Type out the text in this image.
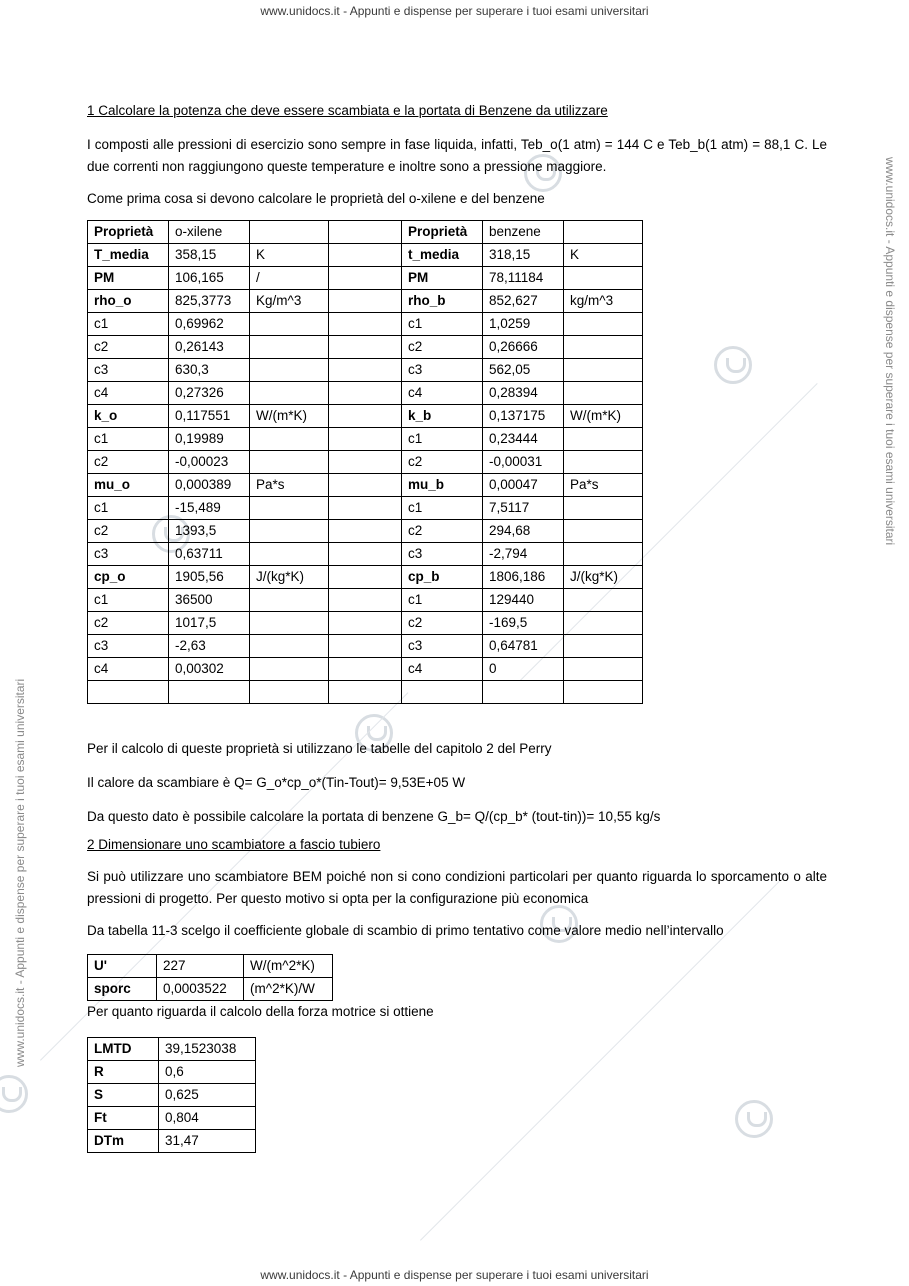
www.unidocs.it - Appunti e dispense per superare i tuoi esami universitari
www.unidocs.it - Appunti e dispense per superare i tuoi esami universitari
www.unidocs.it - Appunti e dispense per superare i tuoi esami universitari
www.unidocs.it - Appunti e dispense per superare i tuoi esami universitari

1 Calcolare la potenza che deve essere scambiata e la portata di Benzene da utilizzare

I composti alle pressioni di esercizio sono sempre in fase liquida, infatti, Teb_o(1 atm) = 144 C e Teb_b(1 atm) = 88,1 C. Le due correnti non raggiungono queste temperature e inoltre sono a pressione maggiore.

Come prima cosa si devono calcolare le proprietà del o-xilene e del benzene

Proprietà	o-xilene			Proprietà	benzene	
T_media	358,15	K		t_media	318,15	K
PM	106,165	/		PM	78,11184	
rho_o	825,3773	Kg/m^3		rho_b	852,627	kg/m^3
c1	0,69962			c1	1,0259	
c2	0,26143			c2	0,26666	
c3	630,3			c3	562,05	
c4	0,27326			c4	0,28394	
k_o	0,117551	W/(m*K)		k_b	0,137175	W/(m*K)
c1	0,19989			c1	0,23444	
c2	-0,00023			c2	-0,00031	
mu_o	0,000389	Pa*s		mu_b	0,00047	Pa*s
c1	-15,489			c1	7,5117	
c2	1393,5			c2	294,68	
c3	0,63711			c3	-2,794	
cp_o	1905,56	J/(kg*K)		cp_b	1806,186	J/(kg*K)
c1	36500			c1	129440	
c2	1017,5			c2	-169,5	
c3	-2,63			c3	0,64781	
c4	0,00302			c4	0	

Per il calcolo di queste proprietà si utilizzano le tabelle del capitolo 2 del Perry

Il calore da scambiare è Q= G_o*cp_o*(Tin-Tout)= 9,53E+05 W

Da questo dato è possibile calcolare la portata di benzene G_b= Q/(cp_b* (tout-tin))= 10,55 kg/s

2 Dimensionare uno scambiatore a fascio tubiero

Si può utilizzare uno scambiatore BEM poiché non si cono condizioni particolari per quanto riguarda lo sporcamento o alte pressioni di progetto. Per questo motivo si opta per la configurazione più economica

Da tabella 11-3 scelgo il coefficiente globale di scambio di primo tentativo come valore medio nell’intervallo

U'	227	W/(m^2*K)
sporc	0,0003522	(m^2*K)/W

Per quanto riguarda il calcolo della forza motrice si ottiene

LMTD	39,1523038
R	0,6
S	0,625
Ft	0,804
DTm	31,47
